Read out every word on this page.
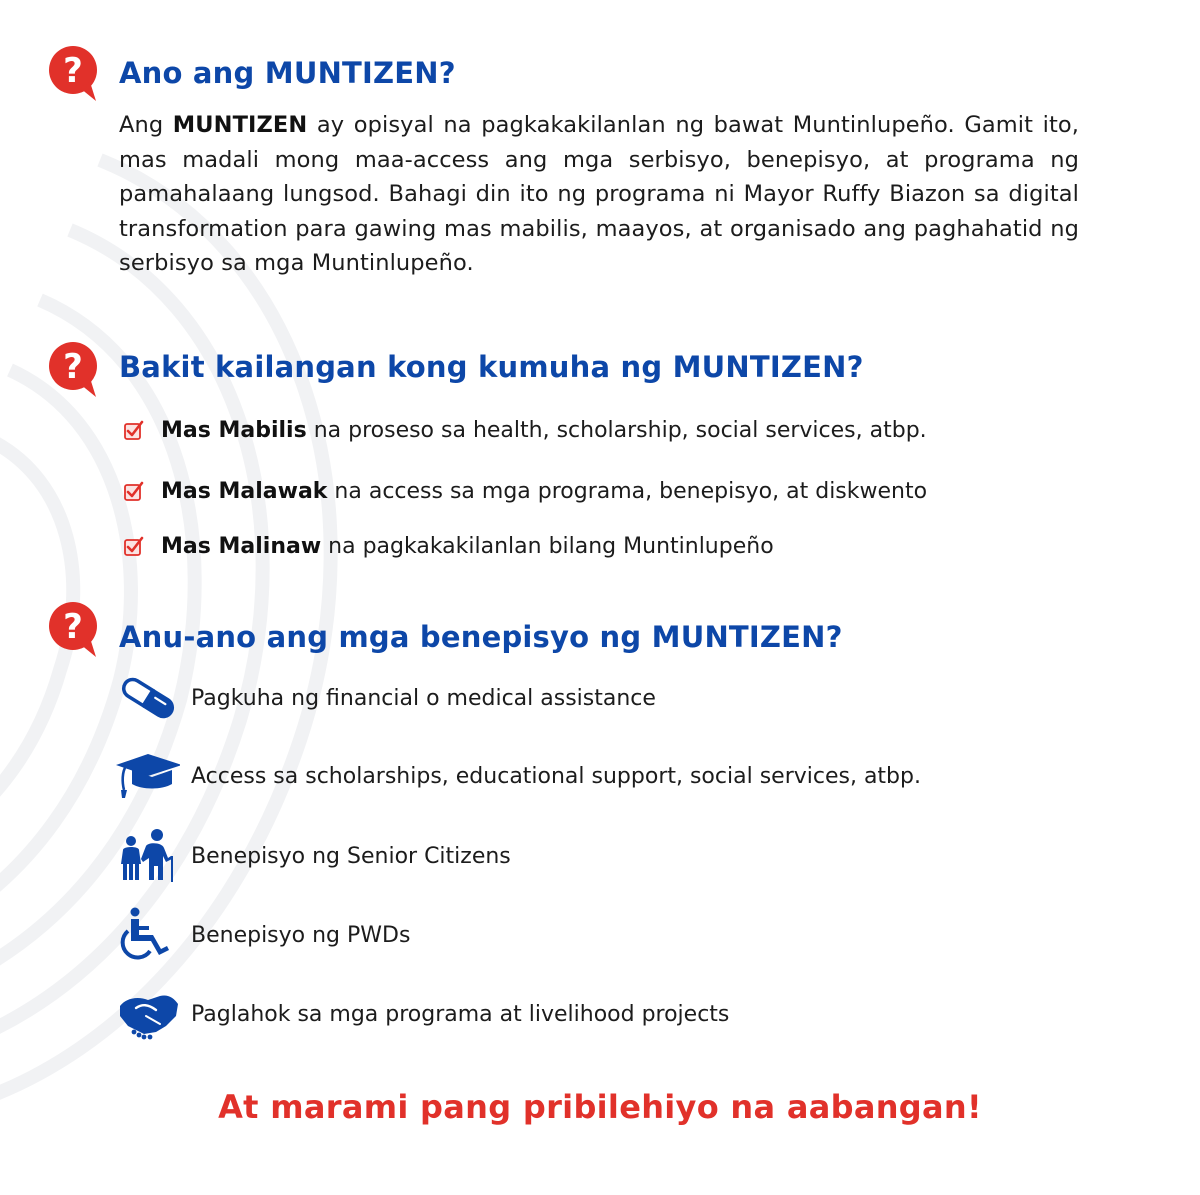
? Ano ang MUNTIZEN?

Ang MUNTIZEN ay opisyal na pagkakakilanlan ng bawat Muntinlupeño. Gamit ito, mas madali mong maa-access ang mga serbisyo, benepisyo, at programa ng pamahalaang lungsod. Bahagi din ito ng programa ni Mayor Ruffy Biazon sa digital transformation para gawing mas mabilis, maayos, at organisado ang paghahatid ng serbisyo sa mga Muntinlupeño.

? Bakit kailangan kong kumuha ng MUNTIZEN?
Mas Mabilis na proseso sa health, scholarship, social services, atbp.
Mas Malawak na access sa mga programa, benepisyo, at diskwento
Mas Malinaw na pagkakakilanlan bilang Muntinlupeño
? Anu-ano ang mga benepisyo ng MUNTIZEN?
Pagkuha ng financial o medical assistance
Access sa scholarships, educational support, social services, atbp.
Benepisyo ng Senior Citizens
Benepisyo ng PWDs
Paglahok sa mga programa at livelihood projects
At marami pang pribilehiyo na aabangan!
